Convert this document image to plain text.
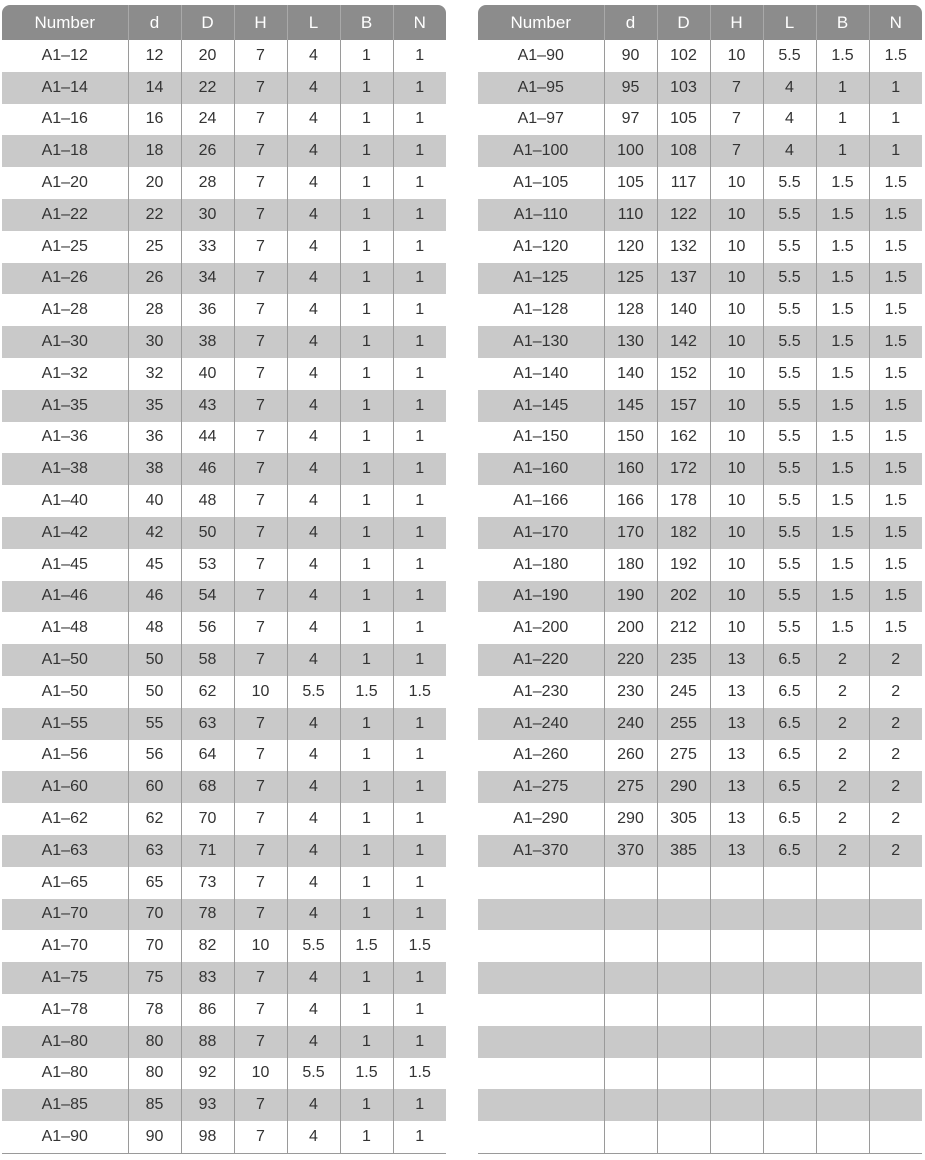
Number	d	D	H	L	B	N
A1–12	12	20	7	4	1	1
A1–14	14	22	7	4	1	1
A1–16	16	24	7	4	1	1
A1–18	18	26	7	4	1	1
A1–20	20	28	7	4	1	1
A1–22	22	30	7	4	1	1
A1–25	25	33	7	4	1	1
A1–26	26	34	7	4	1	1
A1–28	28	36	7	4	1	1
A1–30	30	38	7	4	1	1
A1–32	32	40	7	4	1	1
A1–35	35	43	7	4	1	1
A1–36	36	44	7	4	1	1
A1–38	38	46	7	4	1	1
A1–40	40	48	7	4	1	1
A1–42	42	50	7	4	1	1
A1–45	45	53	7	4	1	1
A1–46	46	54	7	4	1	1
A1–48	48	56	7	4	1	1
A1–50	50	58	7	4	1	1
A1–50	50	62	10	5.5	1.5	1.5
A1–55	55	63	7	4	1	1
A1–56	56	64	7	4	1	1
A1–60	60	68	7	4	1	1
A1–62	62	70	7	4	1	1
A1–63	63	71	7	4	1	1
A1–65	65	73	7	4	1	1
A1–70	70	78	7	4	1	1
A1–70	70	82	10	5.5	1.5	1.5
A1–75	75	83	7	4	1	1
A1–78	78	86	7	4	1	1
A1–80	80	88	7	4	1	1
A1–80	80	92	10	5.5	1.5	1.5
A1–85	85	93	7	4	1	1
A1–90	90	98	7	4	1	1
Number	d	D	H	L	B	N
A1–90	90	102	10	5.5	1.5	1.5
A1–95	95	103	7	4	1	1
A1–97	97	105	7	4	1	1
A1–100	100	108	7	4	1	1
A1–105	105	117	10	5.5	1.5	1.5
A1–110	110	122	10	5.5	1.5	1.5
A1–120	120	132	10	5.5	1.5	1.5
A1–125	125	137	10	5.5	1.5	1.5
A1–128	128	140	10	5.5	1.5	1.5
A1–130	130	142	10	5.5	1.5	1.5
A1–140	140	152	10	5.5	1.5	1.5
A1–145	145	157	10	5.5	1.5	1.5
A1–150	150	162	10	5.5	1.5	1.5
A1–160	160	172	10	5.5	1.5	1.5
A1–166	166	178	10	5.5	1.5	1.5
A1–170	170	182	10	5.5	1.5	1.5
A1–180	180	192	10	5.5	1.5	1.5
A1–190	190	202	10	5.5	1.5	1.5
A1–200	200	212	10	5.5	1.5	1.5
A1–220	220	235	13	6.5	2	2
A1–230	230	245	13	6.5	2	2
A1–240	240	255	13	6.5	2	2
A1–260	260	275	13	6.5	2	2
A1–275	275	290	13	6.5	2	2
A1–290	290	305	13	6.5	2	2
A1–370	370	385	13	6.5	2	2
